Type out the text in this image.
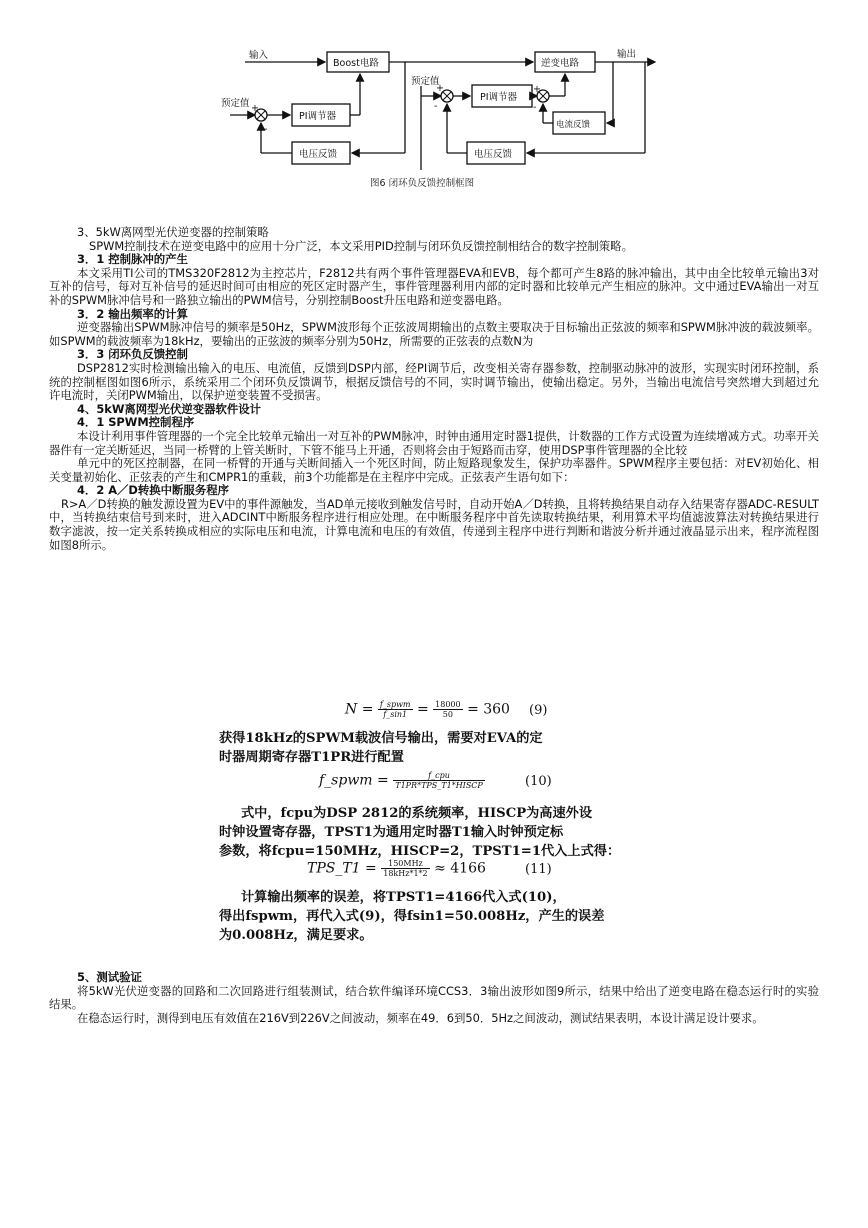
输入
Boost电路
预定值 +
-
PI调节器
电压反馈
预定值
+
-
PI调节器
逆变电路
输出
+
-
电流反馈
电压反馈
图6 闭环负反馈控制框图

3、5kW离网型光伏逆变器的控制策略

SPWM控制技术在逆变电路中的应用十分广泛，本文采用PID控制与闭环负反馈控制相结合的数字控制策略。

3．1 控制脉冲的产生

本文采用TI公司的TMS320F2812为主控芯片，F2812共有两个事件管理器EVA和EVB，每个都可产生8路的脉冲输出，其中由全比较单元输出3对互补的信号，每对互补信号的延迟时间可由相应的死区定时器产生，事件管理器利用内部的定时器和比较单元产生相应的脉冲。文中通过EVA输出一对互补的SPWM脉冲信号和一路独立输出的PWM信号，分别控制Boost升压电路和逆变器电路。

3．2 输出频率的计算

逆变器输出SPWM脉冲信号的频率是50Hz，SPWM波形每个正弦波周期输出的点数主要取决于目标输出正弦波的频率和SPWM脉冲波的载波频率。如SPWM的载波频率为18kHz，要输出的正弦波的频率分别为50Hz，所需要的正弦表的点数N为

3．3 闭环负反馈控制

DSP2812实时检测输出输入的电压、电流值，反馈到DSP内部，经PI调节后，改变相关寄存器参数，控制驱动脉冲的波形，实现实时闭环控制，系统的控制框图如图6所示，系统采用二个闭环负反馈调节，根据反馈信号的不同，实时调节输出，使输出稳定。另外，当输出电流信号突然增大到超过允许电流时，关闭PWM输出，以保护逆变装置不受损害。

4、5kW离网型光伏逆变器软件设计

4．1 SPWM控制程序

本设计利用事件管理器的一个完全比较单元输出一对互补的PWM脉冲，时钟由通用定时器1提供，计数器的工作方式设置为连续增减方式。功率开关器件有一定关断延迟，当同一桥臂的上管关断时，下管不能马上开通，否则将会由于短路而击穿，使用DSP事件管理器的全比较

单元中的死区控制器，在同一桥臂的开通与关断间插入一个死区时间，防止短路现象发生，保护功率器件。SPWM程序主要包括：对EV初始化、相关变量初始化、正弦表的产生和CMPR1的重载，前3个功能都是在主程序中完成。正弦表产生语句如下：

4．2 A／D转换中断服务程序

R>A／D转换的触发源设置为EV中的事件源触发，当AD单元接收到触发信号时，自动开始A／D转换，且将转换结果自动存入结果寄存器ADC-RESULT中，当转换结束信号到来时，进入ADCINT中断服务程序进行相应处理。在中断服务程序中首先读取转换结果，利用算术平均值滤波算法对转换结果进行数字滤波，按一定关系转换成相应的实际电压和电流，计算电流和电压的有效值，传递到主程序中进行判断和谐波分析并通过液晶显示出来，程序流程图如图8所示。

$N = \frac{\text{f\_spwm}}{f\_\sin 1} = \frac{18000}{50} = 360$ (9)
获得18kHz的SPWM载波信号输出，需要对EVA的定
时器周期寄存器T1PR进行配置
f_spwm = $\frac{\text{f\_cpu}}{\text{T1PR*TPS\_T1*HISCP}}$	(10)
式中，fcpu为DSP 2812的系统频率，HISCP为高速外设
时钟设置寄存器，TPST1为通用定时器T1输入时钟预定标
参数，将fcpu=150MHz，HISCP=2，TPST1=1代入上式得：
TPS_T1 = $\frac{\text{150MHz}}{\text{18kHz*1*2}} \approx 4166$	(11)
计算输出频率的误差，将TPST1=4166代入式(10)，
得出fspwm，再代入式(9)，得fsin1=50.008Hz，产生的误差
为0.008Hz，满足要求。

5、测试验证

将5kW光伏逆变器的回路和二次回路进行组装测试，结合软件编译环境CCS3．3输出波形如图9所示，结果中给出了逆变电路在稳态运行时的实验结果。

在稳态运行时，测得到电压有效值在216V到226V之间波动，频率在49．6到50．5Hz之间波动，测试结果表明，本设计满足设计要求。
